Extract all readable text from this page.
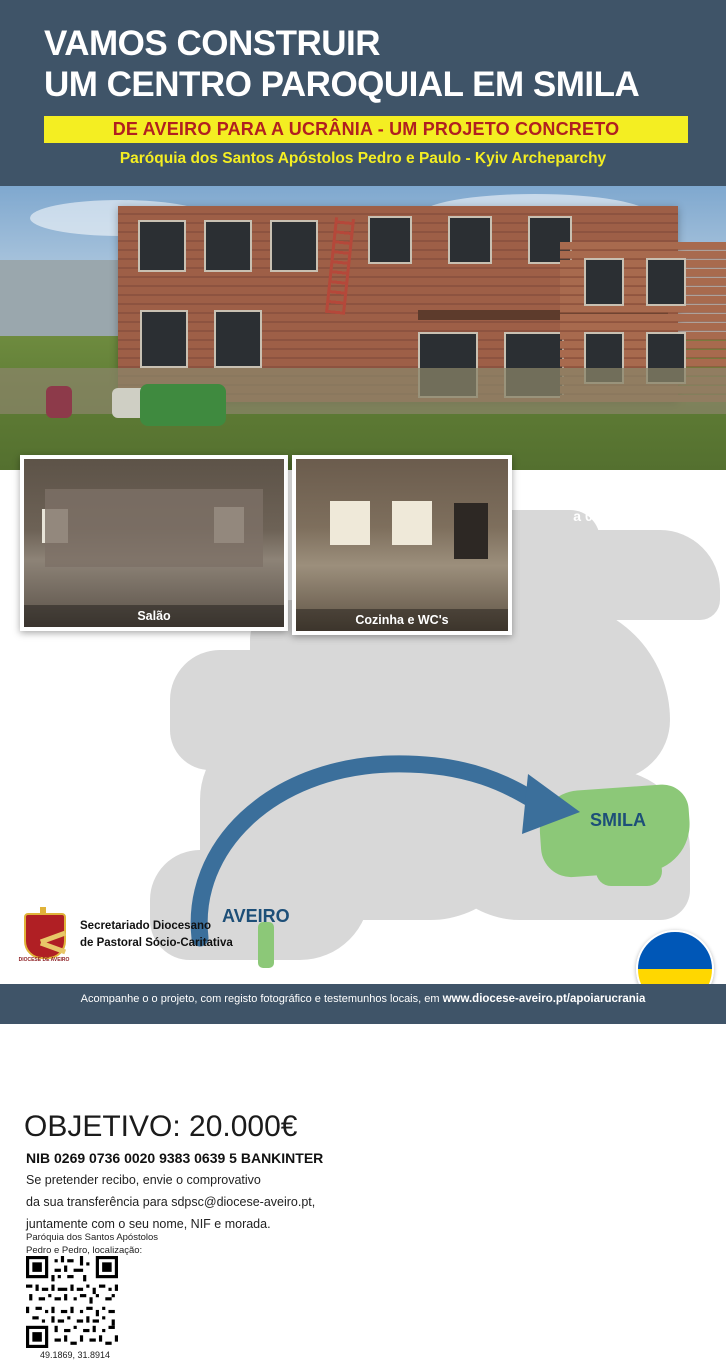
VAMOS CONSTRUIR
UM CENTRO PAROQUIAL EM SMILA
DE AVEIRO PARA A UCRÂNIA - UM PROJETO CONCRETO
Paróquia dos Santos Apóstolos Pedro e Paulo - Kyiv Archeparchy
SMILA
AVEIRO
OBJETIVO: 20.000€
NIB 0269 0736 0020 9383 0639 5 BANKINTER
Se pretender recibo, envie o comprovativo
da sua transferência para sdpsc@diocese-aveiro.pt,
juntamente com o seu nome, NIF e morada.
Paróquia dos Santos Apóstolos
Pedro e Pedro, localização:
49.1869, 31.8914
Salão	Cozinha e WC's
Estado da construção
a 06 de junho de 2022
DIOCESE DE AVEIRO
Secretariado Diocesano
de Pastoral Sócio-Caritativa
Acompanhe o o projeto, com registo fotográfico e testemunhos locais, em www.diocese-aveiro.pt/apoiarucrania
